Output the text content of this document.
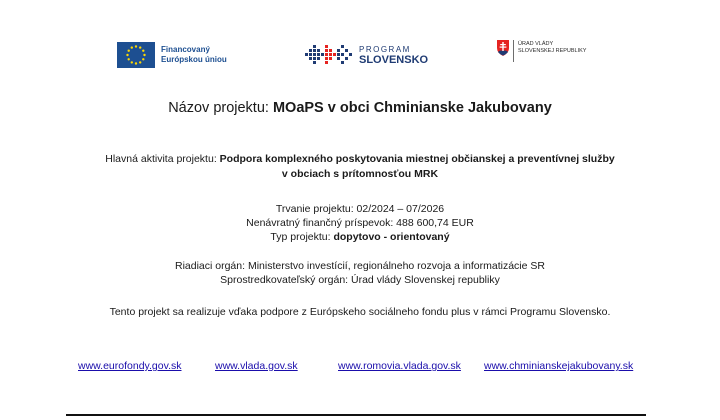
Financovaný
Európskou úniou
PROGRAM
SLOVENSKO
ÚRAD VLÁDY
SLOVENSKEJ REPUBLIKY

Názov projektu: MOaPS v obci Chminianske Jakubovany

Hlavná aktivita projektu: Podpora komplexného poskytovania miestnej občianskej a preventívnej služby
v obciach s prítomnosťou MRK
Trvanie projektu: 02/2024 – 07/2026
Nenávratný finančný príspevok: 488 600,74 EUR
Typ projektu: dopytovo - orientovaný
Riadiaci orgán: Ministerstvo investícií, regionálneho rozvoja a informatizácie SR
Sprostredkovateľský orgán: Úrad vlády Slovenskej republiky
Tento projekt sa realizuje vďaka podpore z Európskeho sociálneho fondu plus v rámci Programu Slovensko.
www.eurofondy.gov.sk	www.vlada.gov.sk	www.romovia.vlada.gov.sk www.chminianskejakubovany.sk
